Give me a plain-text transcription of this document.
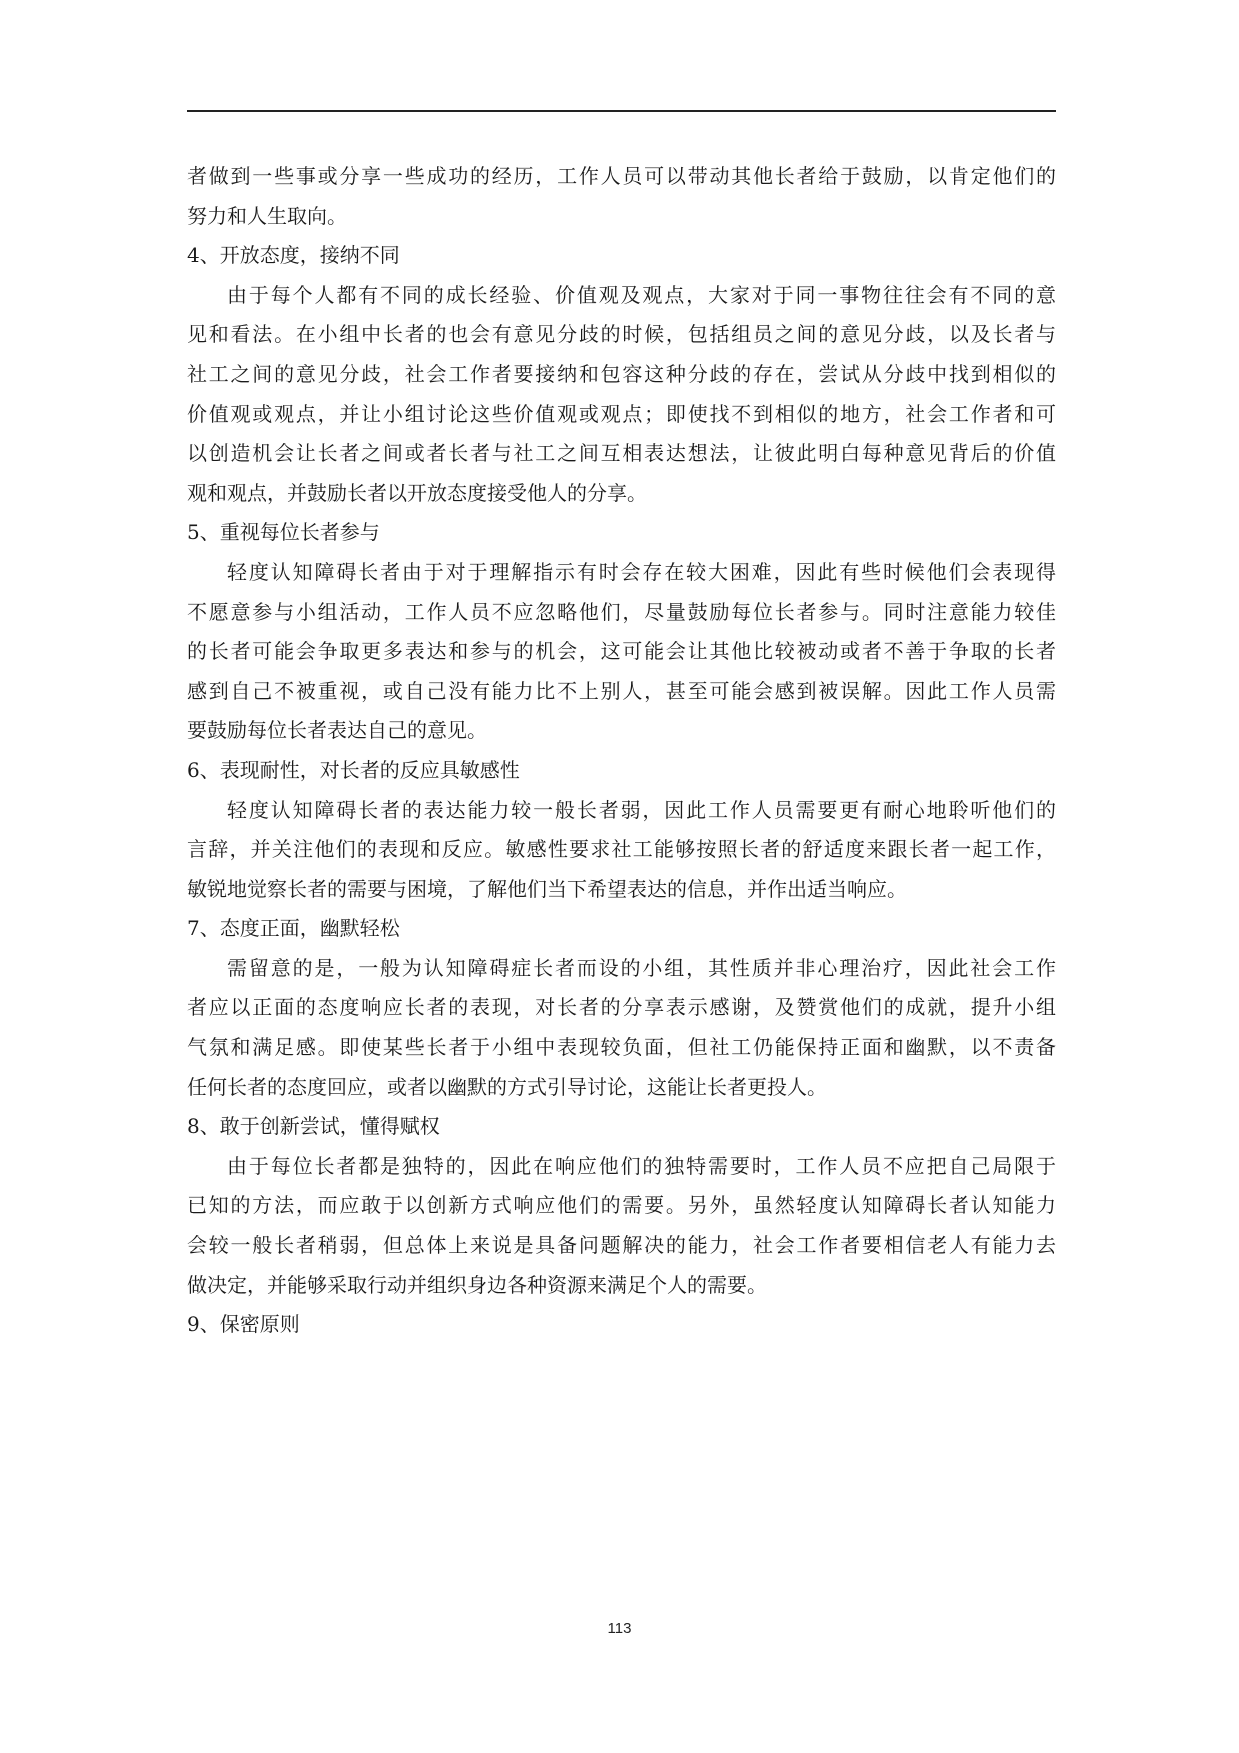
者做到一些事或分享一些成功的经历，工作人员可以带动其他长者给于鼓励，以肯定他们的
努力和人生取向。

4、开放态度，接纳不同

由于每个人都有不同的成长经验、价值观及观点，大家对于同一事物往往会有不同的意
见和看法。在小组中长者的也会有意见分歧的时候，包括组员之间的意见分歧，以及长者与
社工之间的意见分歧，社会工作者要接纳和包容这种分歧的存在，尝试从分歧中找到相似的
价值观或观点，并让小组讨论这些价值观或观点；即使找不到相似的地方，社会工作者和可
以创造机会让长者之间或者长者与社工之间互相表达想法，让彼此明白每种意见背后的价值
观和观点，并鼓励长者以开放态度接受他人的分享。

5、重视每位长者参与

轻度认知障碍长者由于对于理解指示有时会存在较大困难，因此有些时候他们会表现得
不愿意参与小组活动，工作人员不应忽略他们，尽量鼓励每位长者参与。同时注意能力较佳
的长者可能会争取更多表达和参与的机会，这可能会让其他比较被动或者不善于争取的长者
感到自己不被重视，或自己没有能力比不上别人，甚至可能会感到被误解。因此工作人员需
要鼓励每位长者表达自己的意见。

6、表现耐性，对长者的反应具敏感性

轻度认知障碍长者的表达能力较一般长者弱，因此工作人员需要更有耐心地聆听他们的
言辞，并关注他们的表现和反应。敏感性要求社工能够按照长者的舒适度来跟长者一起工作，
敏锐地觉察长者的需要与困境，了解他们当下希望表达的信息，并作出适当响应。

7、态度正面，幽默轻松

需留意的是，一般为认知障碍症长者而设的小组，其性质并非心理治疗，因此社会工作
者应以正面的态度响应长者的表现，对长者的分享表示感谢，及赞赏他们的成就，提升小组
气氛和满足感。即使某些长者于小组中表现较负面，但社工仍能保持正面和幽默，以不责备
任何长者的态度回应，或者以幽默的方式引导讨论，这能让长者更投人。

8、敢于创新尝试，懂得赋权

由于每位长者都是独特的，因此在响应他们的独特需要时，工作人员不应把自己局限于
已知的方法，而应敢于以创新方式响应他们的需要。另外，虽然轻度认知障碍长者认知能力
会较一般长者稍弱，但总体上来说是具备问题解决的能力，社会工作者要相信老人有能力去
做决定，并能够采取行动并组织身边各种资源来满足个人的需要。

9、保密原则

113
